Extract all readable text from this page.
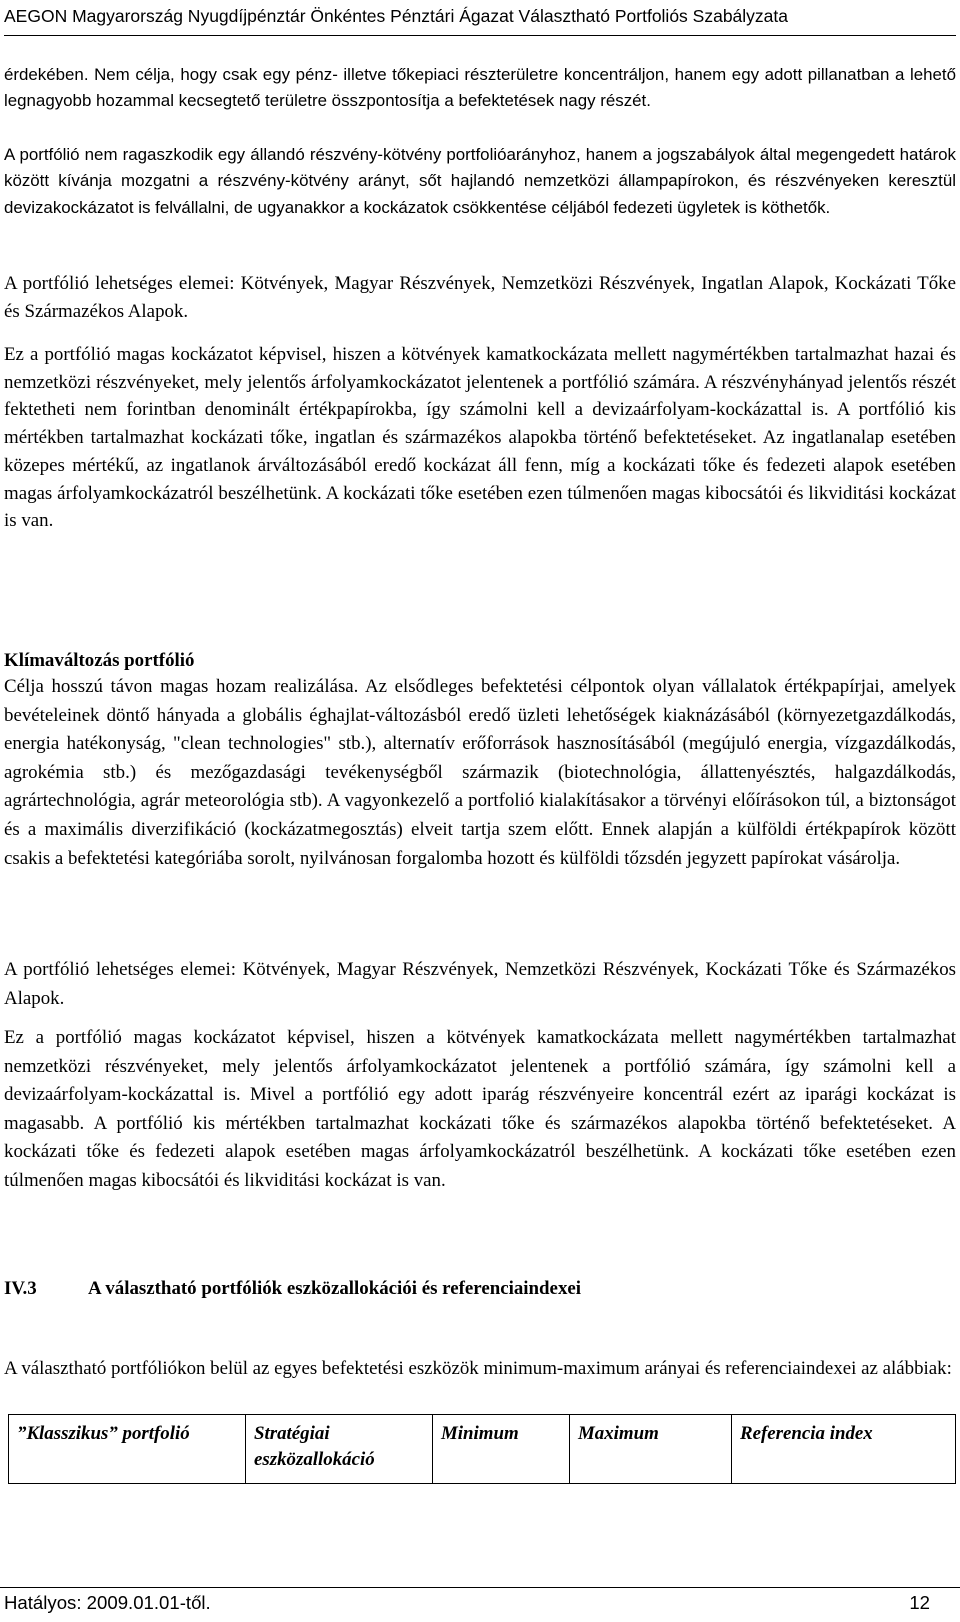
AEGON Magyarország Nyugdíjpénztár Önkéntes Pénztári Ágazat Választható Portfoliós Szabályzata

érdekében. Nem célja, hogy csak egy pénz- illetve tőkepiaci részterületre koncentráljon, hanem egy adott pillanatban a lehető legnagyobb hozammal kecsegtető területre összpontosítja a befektetések nagy részét.

A portfólió nem ragaszkodik egy állandó részvény-kötvény portfolióarányhoz, hanem a jogszabályok által megengedett határok között kívánja mozgatni a részvény-kötvény arányt, sőt hajlandó nemzetközi állampapírokon, és részvényeken keresztül devizakockázatot is felvállalni, de ugyanakkor a kockázatok csökkentése céljából fedezeti ügyletek is köthetők.

A portfólió lehetséges elemei: Kötvények, Magyar Részvények, Nemzetközi Részvények, Ingatlan Alapok, Kockázati Tőke és Származékos Alapok.

Ez a portfólió magas kockázatot képvisel, hiszen a kötvények kamatkockázata mellett nagymértékben tartalmazhat hazai és nemzetközi részvényeket, mely jelentős árfolyamkockázatot jelentenek a portfólió számára. A részvényhányad jelentős részét fektetheti nem forintban denominált értékpapírokba, így számolni kell a devizaárfolyam-kockázattal is. A portfólió kis mértékben tartalmazhat kockázati tőke, ingatlan és származékos alapokba történő befektetéseket. Az ingatlanalap esetében közepes mértékű, az ingatlanok árváltozásából eredő kockázat áll fenn, míg a kockázati tőke és fedezeti alapok esetében magas árfolyamkockázatról beszélhetünk. A kockázati tőke esetében ezen túlmenően magas kibocsátói és likviditási kockázat is van.

Klímaváltozás portfólió

Célja hosszú távon magas hozam realizálása. Az elsődleges befektetési célpontok olyan vállalatok értékpapírjai, amelyek bevételeinek döntő hányada a globális éghajlat-változásból eredő üzleti lehetőségek kiaknázásából (környezetgazdálkodás, energia hatékonyság, "clean technologies" stb.), alternatív erőforrások hasznosításából (megújuló energia, vízgazdálkodás, agrokémia stb.) és mezőgazdasági tevékenységből származik (biotechnológia, állattenyésztés, halgazdálkodás, agrártechnológia, agrár meteorológia stb). A vagyonkezelő a portfolió kialakításakor a törvényi előírásokon túl, a biztonságot és a maximális diverzifikáció (kockázatmegosztás) elveit tartja szem előtt. Ennek alapján a külföldi értékpapírok között csakis a befektetési kategóriába sorolt, nyilvánosan forgalomba hozott és külföldi tőzsdén jegyzett papírokat vásárolja.

A portfólió lehetséges elemei: Kötvények, Magyar Részvények, Nemzetközi Részvények, Kockázati Tőke és Származékos Alapok.

Ez a portfólió magas kockázatot képvisel, hiszen a kötvények kamatkockázata mellett nagymértékben tartalmazhat nemzetközi részvényeket, mely jelentős árfolyamkockázatot jelentenek a portfólió számára, így számolni kell a devizaárfolyam-kockázattal is. Mivel a portfólió egy adott iparág részvényeire koncentrál ezért az iparági kockázat is magasabb. A portfólió kis mértékben tartalmazhat kockázati tőke és származékos alapokba történő befektetéseket. A kockázati tőke és fedezeti alapok esetében magas árfolyamkockázatról beszélhetünk. A kockázati tőke esetében ezen túlmenően magas kibocsátói és likviditási kockázat is van.

IV.3	A választható portfóliók eszközallokációi és referenciaindexei

A választható portfóliókon belül az egyes befektetési eszközök minimum-maximum arányai és referenciaindexei az alábbiak:

”Klasszikus” portfolió	Stratégiai eszközallokáció	Minimum	Maximum	Referencia index
Hatályos: 2009.01.01-től.	12
